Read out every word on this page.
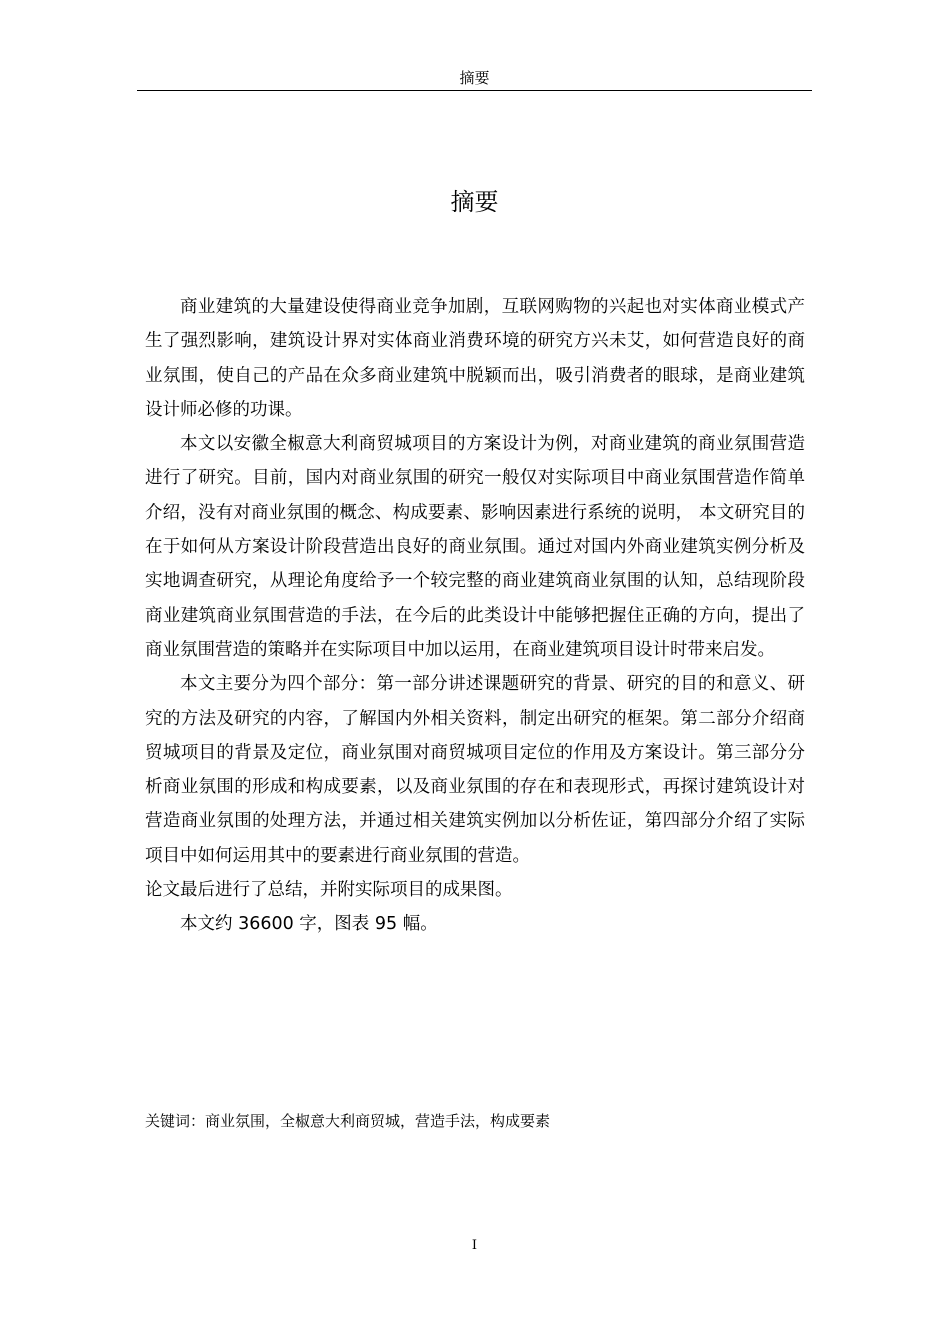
摘要
摘要

商业建筑的大量建设使得商业竞争加剧，互联网购物的兴起也对实体商业模式产生了强烈影响，建筑设计界对实体商业消费环境的研究方兴未艾，如何营造良好的商业氛围，使自己的产品在众多商业建筑中脱颖而出，吸引消费者的眼球，是商业建筑设计师必修的功课。

本文以安徽全椒意大利商贸城项目的方案设计为例，对商业建筑的商业氛围营造进行了研究。目前，国内对商业氛围的研究一般仅对实际项目中商业氛围营造作简单介绍，没有对商业氛围的概念、构成要素、影响因素进行系统的说明， 本文研究目的在于如何从方案设计阶段营造出良好的商业氛围。通过对国内外商业建筑实例分析及实地调查研究，从理论角度给予一个较完整的商业建筑商业氛围的认知，总结现阶段商业建筑商业氛围营造的手法，在今后的此类设计中能够把握住正确的方向，提出了商业氛围营造的策略并在实际项目中加以运用，在商业建筑项目设计时带来启发。

本文主要分为四个部分：第一部分讲述课题研究的背景、研究的目的和意义、研究的方法及研究的内容，了解国内外相关资料，制定出研究的框架。第二部分介绍商贸城项目的背景及定位，商业氛围对商贸城项目定位的作用及方案设计。第三部分分析商业氛围的形成和构成要素，以及商业氛围的存在和表现形式，再探讨建筑设计对营造商业氛围的处理方法，并通过相关建筑实例加以分析佐证，第四部分介绍了实际项目中如何运用其中的要素进行商业氛围的营造。

论文最后进行了总结，并附实际项目的成果图。

本文约 36600 字，图表 95 幅。

关键词：商业氛围，全椒意大利商贸城，营造手法，构成要素
I
